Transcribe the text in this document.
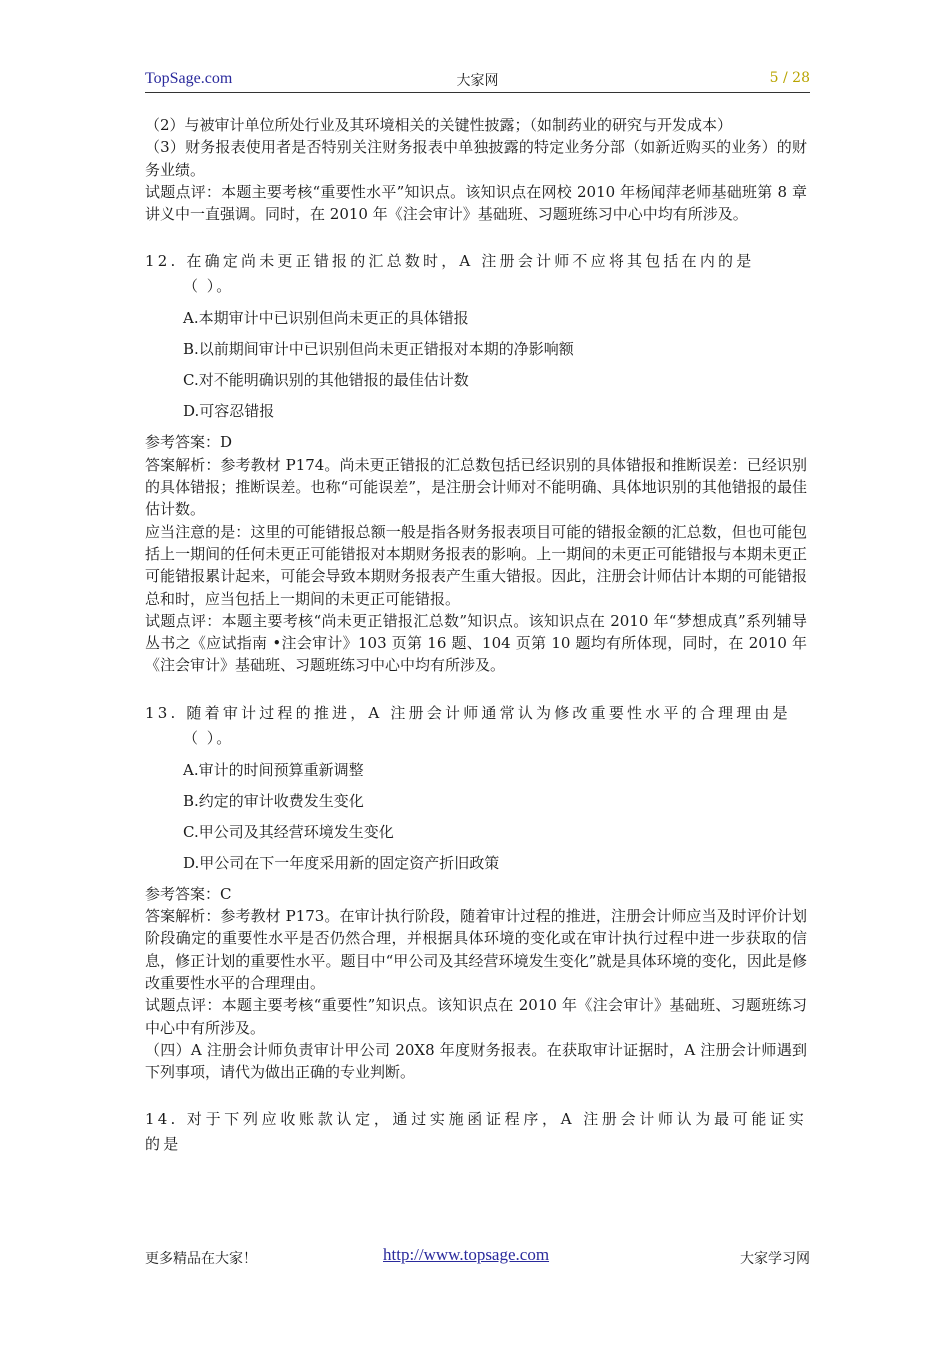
TopSage.com	大家网	5 / 28

（2）与被审计单位所处行业及其环境相关的关键性披露；（如制药业的研究与开发成本）

（3）财务报表使用者是否特别关注财务报表中单独披露的特定业务分部（如新近购买的业务）的财务业绩。

试题点评：本题主要考核“重要性水平”知识点。该知识点在网校 2010 年杨闻萍老师基础班第 8 章讲义中一直强调。同时，在 2010 年《注会审计》基础班、习题班练习中心中均有所涉及。

12. 在确定尚未更正错报的汇总数时，A 注册会计师不应将其包括在内的是

（ ）。

A.本期审计中已识别但尚未更正的具体错报

B.以前期间审计中已识别但尚未更正错报对本期的净影响额

C.对不能明确识别的其他错报的最佳估计数

D.可容忍错报

参考答案：D

答案解析：参考教材 P174。尚未更正错报的汇总数包括已经识别的具体错报和推断误差：已经识别的具体错报；推断误差。也称“可能误差”，是注册会计师对不能明确、具体地识别的其他错报的最佳估计数。

应当注意的是：这里的可能错报总额一般是指各财务报表项目可能的错报金额的汇总数，但也可能包括上一期间的任何未更正可能错报对本期财务报表的影响。上一期间的未更正可能错报与本期未更正可能错报累计起来，可能会导致本期财务报表产生重大错报。因此，注册会计师估计本期的可能错报总和时，应当包括上一期间的未更正可能错报。

试题点评：本题主要考核“尚未更正错报汇总数”知识点。该知识点在 2010 年“梦想成真”系列辅导丛书之《应试指南 •注会审计》103 页第 16 题、104 页第 10 题均有所体现，同时，在 2010 年《注会审计》基础班、习题班练习中心中均有所涉及。

13. 随着审计过程的推进，A 注册会计师通常认为修改重要性水平的合理理由是

（ ）。

A.审计的时间预算重新调整

B.约定的审计收费发生变化

C.甲公司及其经营环境发生变化

D.甲公司在下一年度采用新的固定资产折旧政策

参考答案：C

答案解析：参考教材 P173。在审计执行阶段，随着审计过程的推进，注册会计师应当及时评价计划阶段确定的重要性水平是否仍然合理，并根据具体环境的变化或在审计执行过程中进一步获取的信息，修正计划的重要性水平。题目中“甲公司及其经营环境发生变化”就是具体环境的变化，因此是修改重要性水平的合理理由。

试题点评：本题主要考核“重要性”知识点。该知识点在 2010 年《注会审计》基础班、习题班练习中心中有所涉及。

（四）A 注册会计师负责审计甲公司 20X8 年度财务报表。在获取审计证据时，A 注册会计师遇到下列事项，请代为做出正确的专业判断。

14. 对于下列应收账款认定，通过实施函证程序，A 注册会计师认为最可能证实的是

更多精品在大家！	http://www.topsage.com	大家学习网
